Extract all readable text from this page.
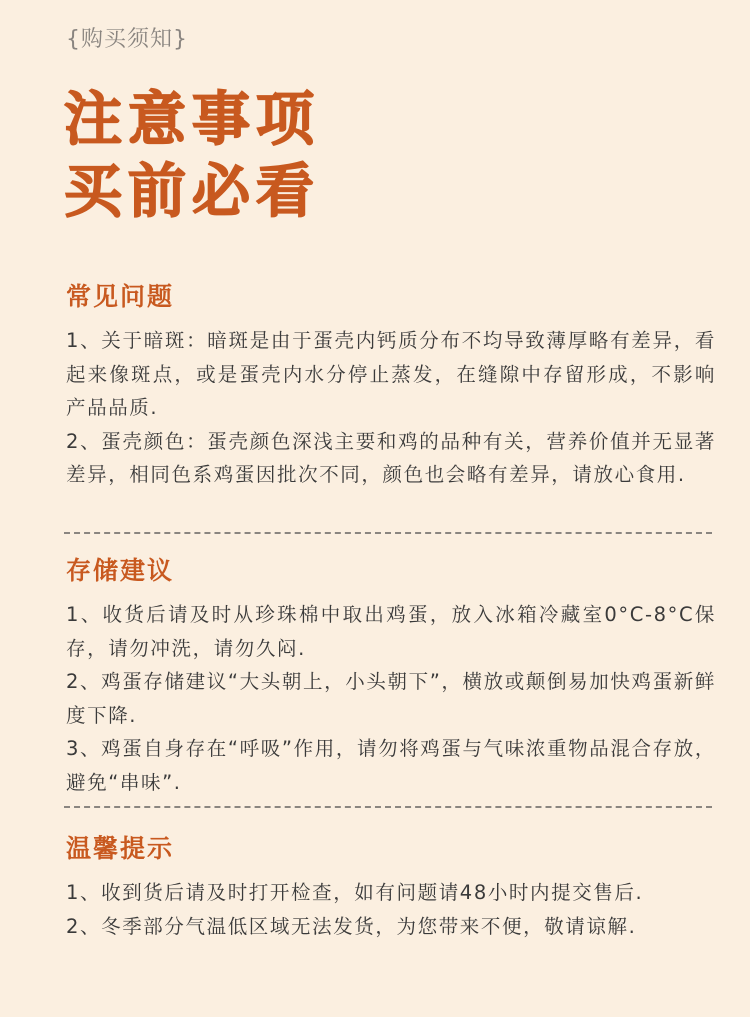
{购买须知}
注意事项
买前必看
常见问题

1、关于暗斑：暗斑是由于蛋壳内钙质分布不均导致薄厚略有差异，看起来像斑点，或是蛋壳内水分停止蒸发，在缝隙中存留形成，不影响产品品质.

2、蛋壳颜色：蛋壳颜色深浅主要和鸡的品种有关，营养价值并无显著差异，相同色系鸡蛋因批次不同，颜色也会略有差异，请放心食用.

存储建议

1、收货后请及时从珍珠棉中取出鸡蛋，放入冰箱冷藏室0°C-8°C保存，请勿冲洗，请勿久闷.

2、鸡蛋存储建议“大头朝上，小头朝下”，横放或颠倒易加快鸡蛋新鲜度下降.

3、鸡蛋自身存在“呼吸”作用，请勿将鸡蛋与气味浓重物品混合存放，避免“串味”.

温馨提示

1、收到货后请及时打开检查，如有问题请48小时内提交售后.

2、冬季部分气温低区域无法发货，为您带来不便，敬请谅解.
